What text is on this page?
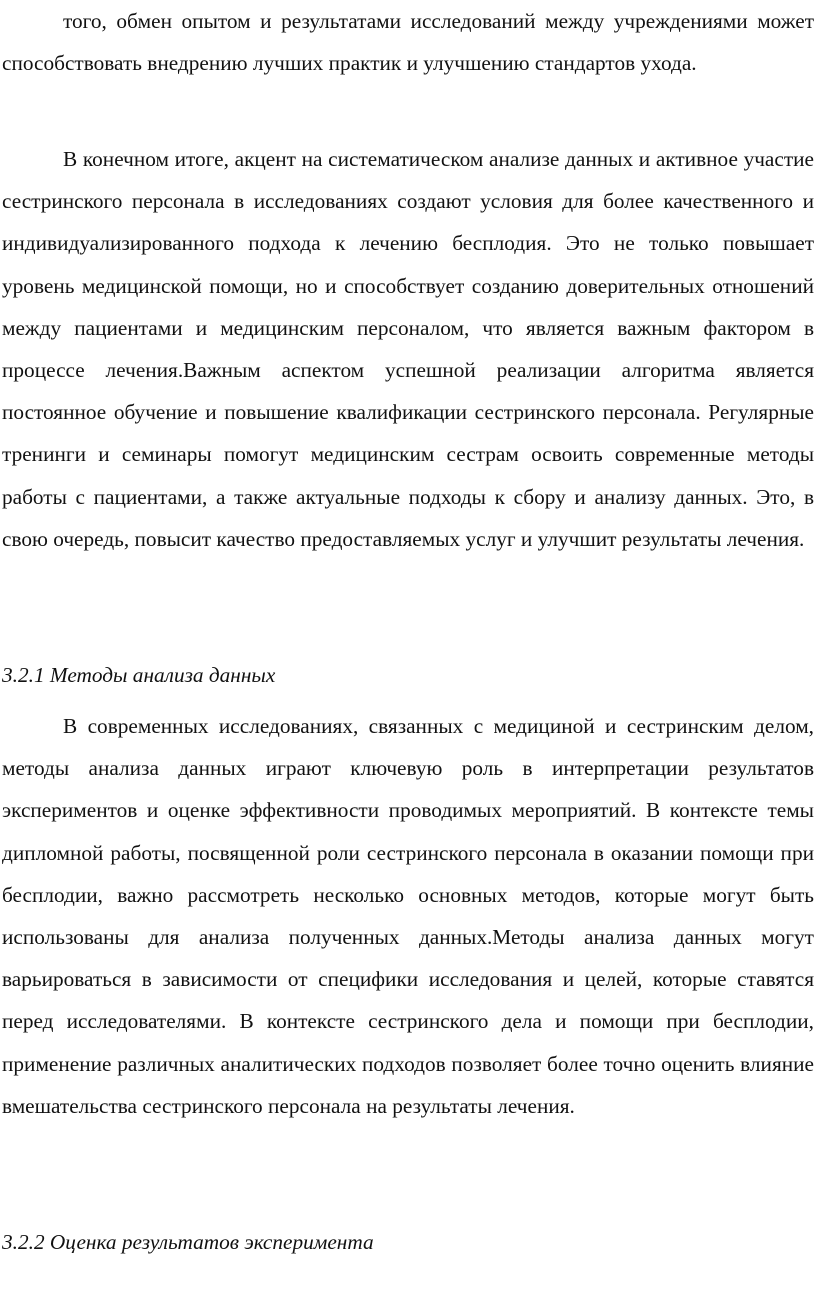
того, обмен опытом и результатами исследований между учреждениями может способствовать внедрению лучших практик и улучшению стандартов ухода.

В конечном итоге, акцент на систематическом анализе данных и активное участие сестринского персонала в исследованиях создают условия для более качественного и индивидуализированного подхода к лечению бесплодия. Это не только повышает уровень медицинской помощи, но и способствует созданию доверительных отношений между пациентами и медицинским персоналом, что является важным фактором в процессе лечения.Важным аспектом успешной реализации алгоритма является постоянное обучение и повышение квалификации сестринского персонала. Регулярные тренинги и семинары помогут медицинским сестрам освоить современные методы работы с пациентами, а также актуальные подходы к сбору и анализу данных. Это, в свою очередь, повысит качество предоставляемых услуг и улучшит результаты лечения.

3.2.1 Методы анализа данных

В современных исследованиях, связанных с медициной и сестринским делом, методы анализа данных играют ключевую роль в интерпретации результатов экспериментов и оценке эффективности проводимых мероприятий. В контексте темы дипломной работы, посвященной роли сестринского персонала в оказании помощи при бесплодии, важно рассмотреть несколько основных методов, которые могут быть использованы для анализа полученных данных.Методы анализа данных могут варьироваться в зависимости от специфики исследования и целей, которые ставятся перед исследователями. В контексте сестринского дела и помощи при бесплодии, применение различных аналитических подходов позволяет более точно оценить влияние вмешательства сестринского персонала на результаты лечения.

3.2.2 Оценка результатов эксперимента
